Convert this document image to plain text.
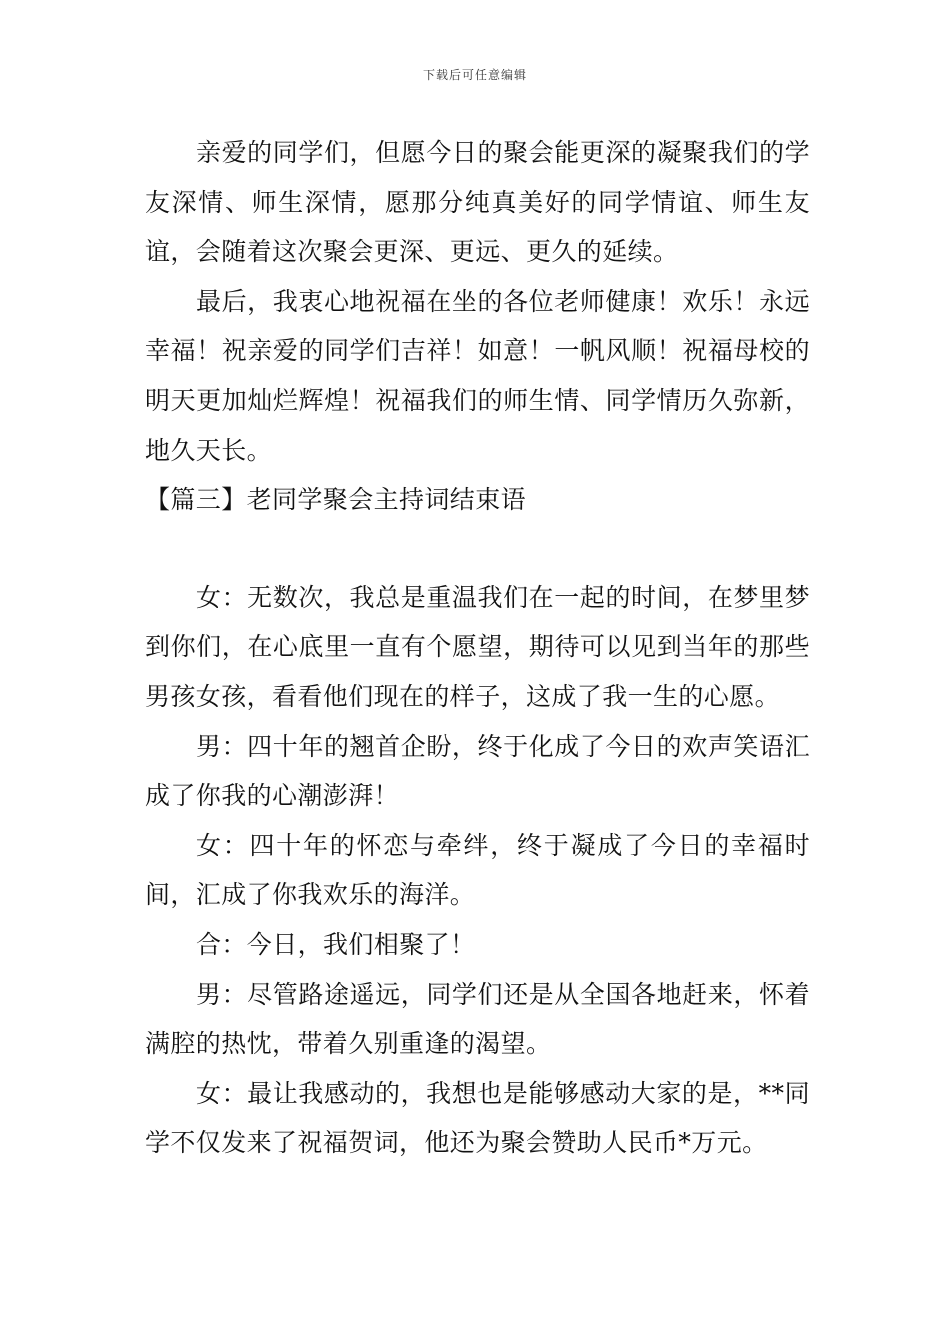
下载后可任意编辑

亲爱的同学们，但愿今日的聚会能更深的凝聚我们的学友深情、师生深情，愿那分纯真美好的同学情谊、师生友谊，会随着这次聚会更深、更远、更久的延续。

最后，我衷心地祝福在坐的各位老师健康！欢乐！永远幸福！祝亲爱的同学们吉祥！如意！一帆风顺！祝福母校的明天更加灿烂辉煌！祝福我们的师生情、同学情历久弥新，地久天长。

【篇三】老同学聚会主持词结束语

女：无数次，我总是重温我们在一起的时间，在梦里梦到你们，在心底里一直有个愿望，期待可以见到当年的那些男孩女孩，看看他们现在的样子，这成了我一生的心愿。

男：四十年的翘首企盼，终于化成了今日的欢声笑语汇成了你我的心潮澎湃！

女：四十年的怀恋与牵绊，终于凝成了今日的幸福时间，汇成了你我欢乐的海洋。

合：今日，我们相聚了！

男：尽管路途遥远，同学们还是从全国各地赶来，怀着满腔的热忱，带着久别重逢的渴望。

女：最让我感动的，我想也是能够感动大家的是，**同学不仅发来了祝福贺词，他还为聚会赞助人民币*万元。
